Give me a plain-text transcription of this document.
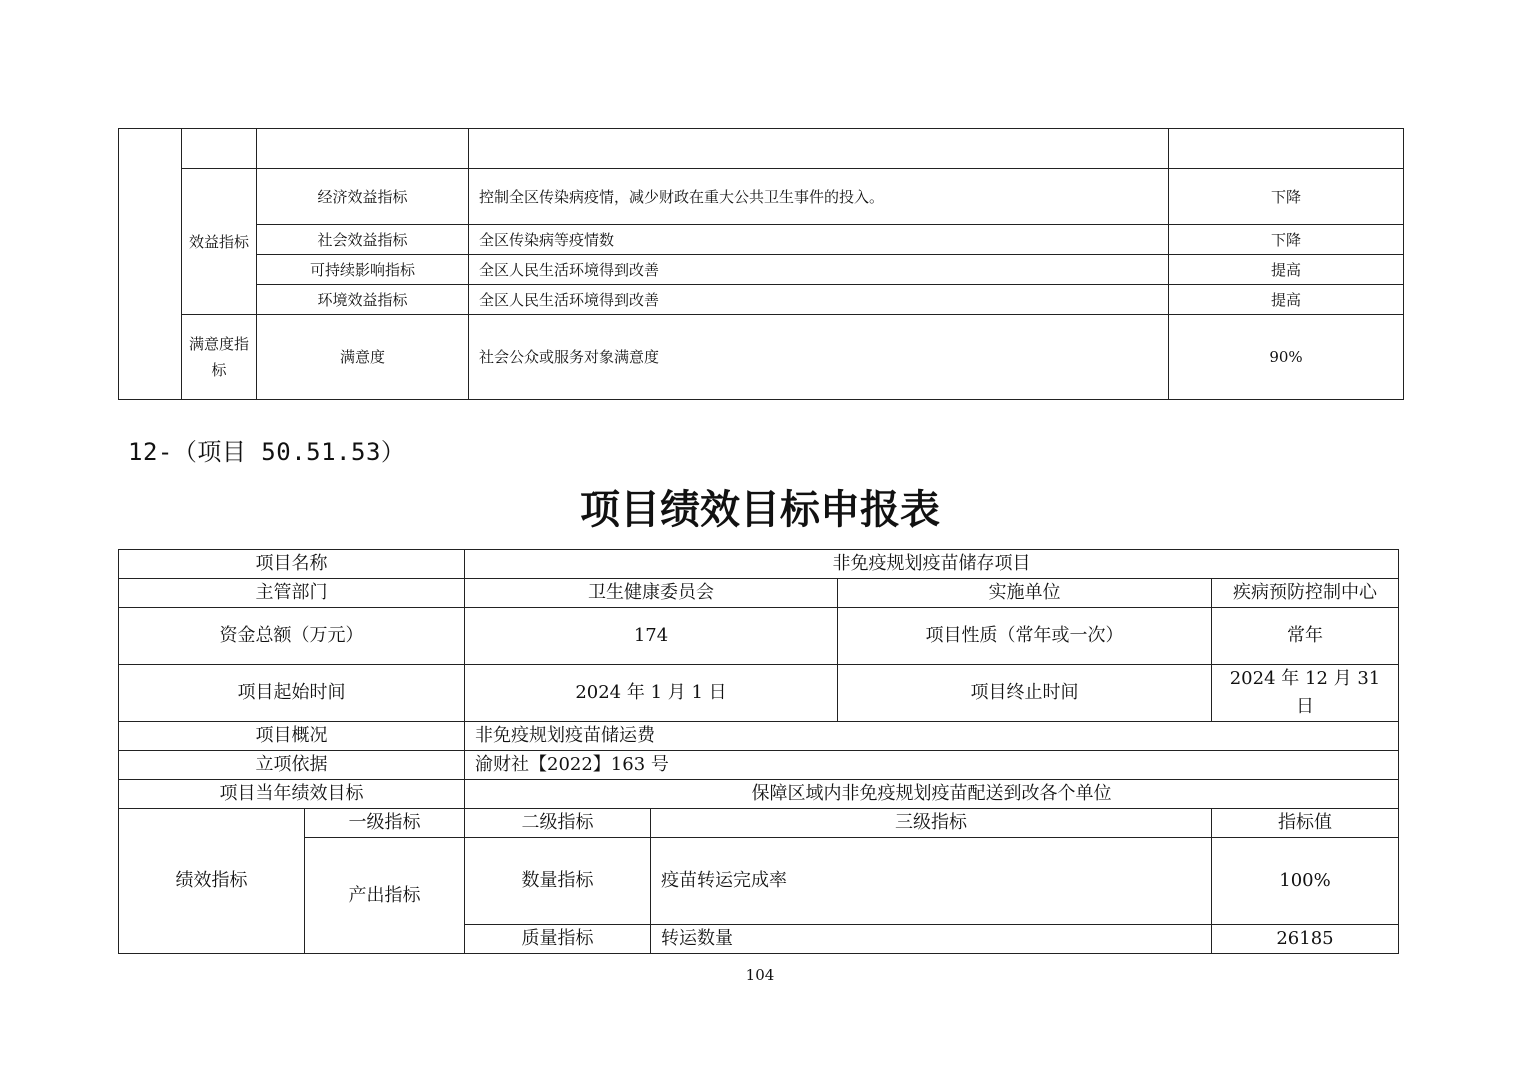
	效益指标	经济效益指标	控制全区传染病疫情，减少财政在重大公共卫生事件的投入。	下降
		社会效益指标	全区传染病等疫情数	下降
		可持续影响指标	全区人民生活环境得到改善	提高
		环境效益指标	全区人民生活环境得到改善	提高
	满意度指标	满意度	社会公众或服务对象满意度	90%
12-（项目 50.51.53）
项目绩效目标申报表
项目名称		非免疫规划疫苗储存项目			
主管部门		卫生健康委员会		实施单位	疾病预防控制中心
资金总额（万元）		174		项目性质（常年或一次）	常年
项目起始时间		2024 年 1 月 1 日		项目终止时间	2024 年 12 月 31 日
项目概况		非免疫规划疫苗储运费			
立项依据		渝财社【2022】163 号			
项目当年绩效目标		保障区域内非免疫规划疫苗配送到改各个单位			
绩效指标	一级指标	二级指标	三级指标		指标值
	产出指标	数量指标	疫苗转运完成率		100%
		质量指标	转运数量		26185
104
